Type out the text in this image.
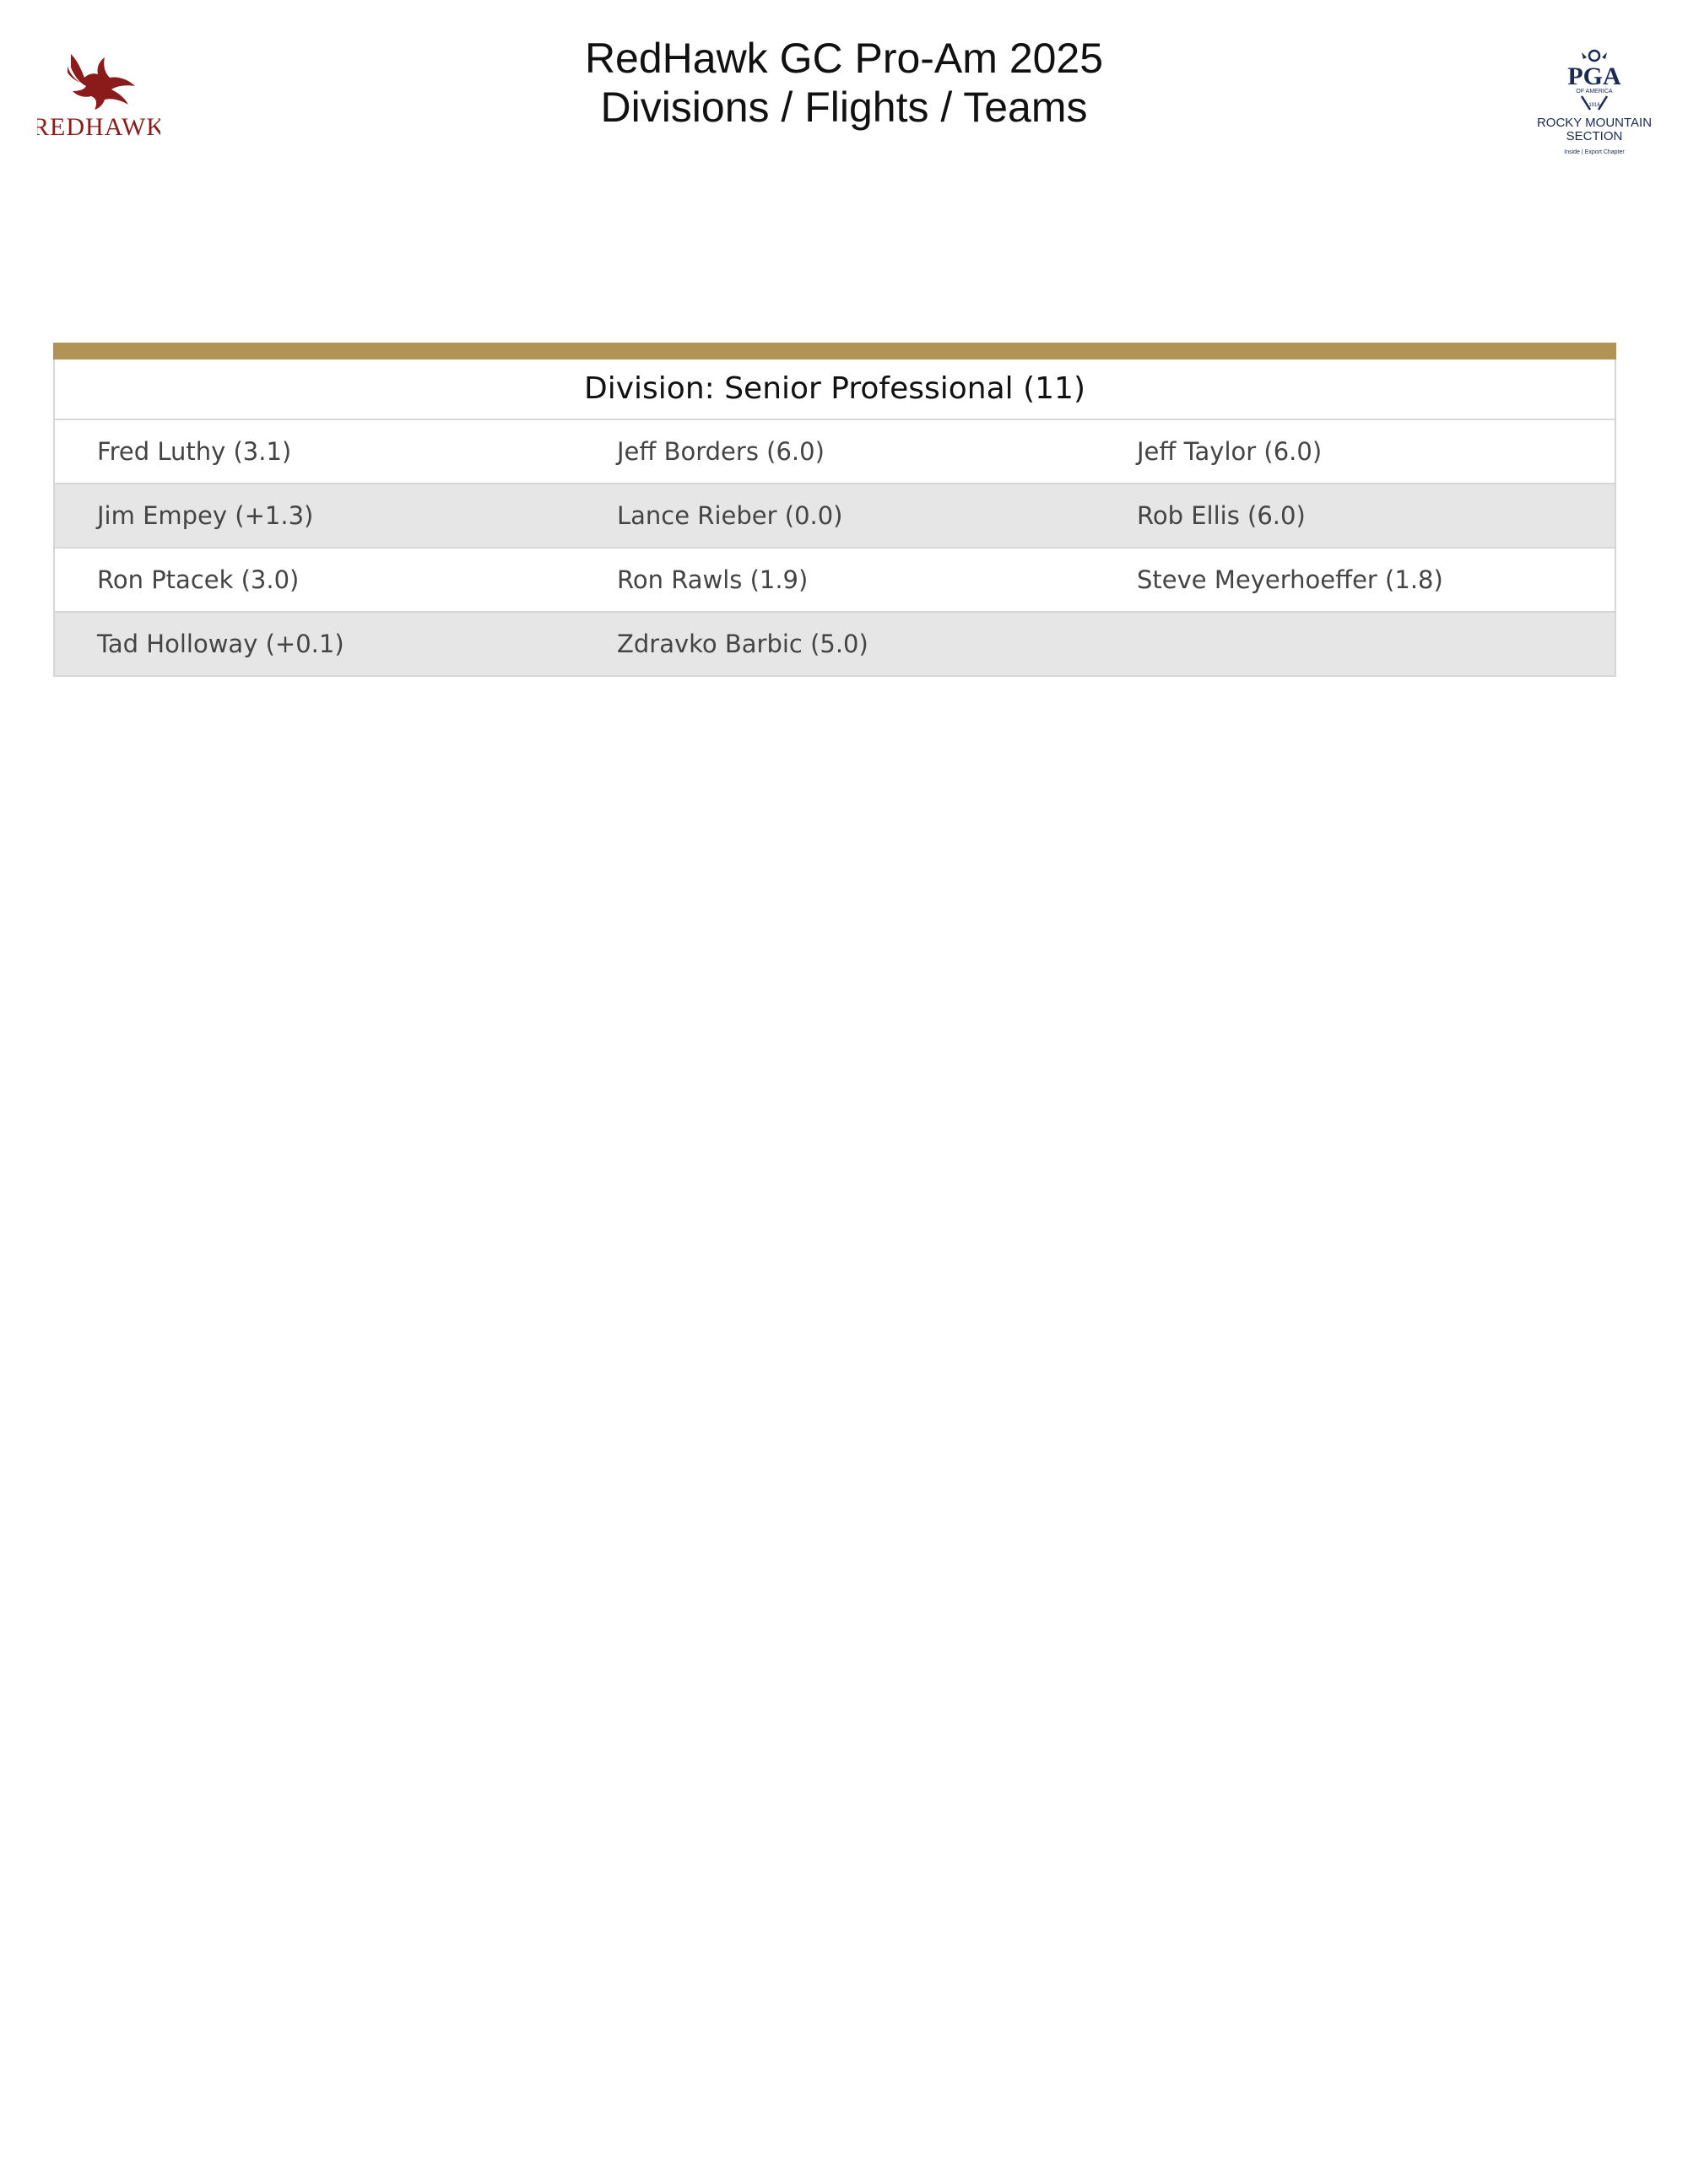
REDHAWK
RedHawk GC Pro-Am 2025
Divisions / Flights / Teams
PGA
OF AMERICA
1916
ROCKY MOUNTAIN
SECTION
Inside | Export Chapter
Division: Senior Professional (11)
Fred Luthy (3.1)	Jeff Borders (6.0)	Jeff Taylor (6.0)
Jim Empey (+1.3)	Lance Rieber (0.0)	Rob Ellis (6.0)
Ron Ptacek (3.0)	Ron Rawls (1.9)	Steve Meyerhoeffer (1.8)
Tad Holloway (+0.1)	Zdravko Barbic (5.0)
